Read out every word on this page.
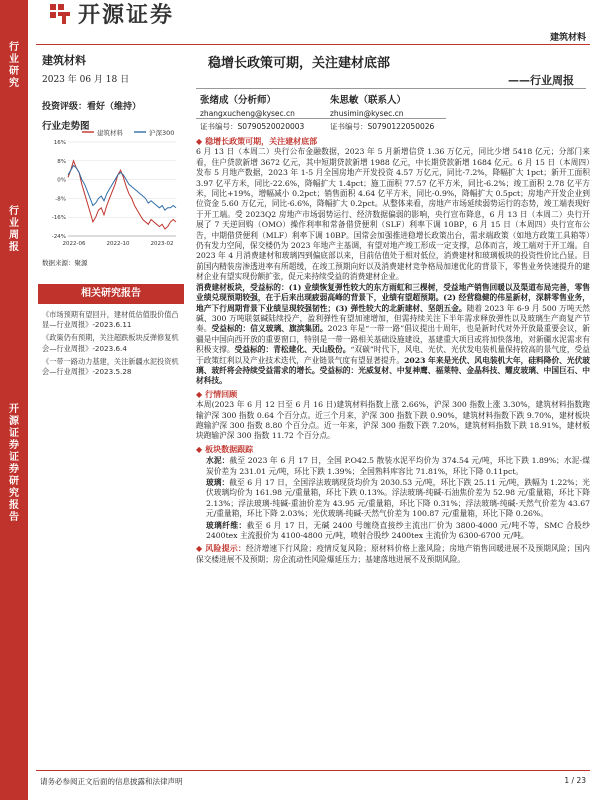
行业研究
行业周报
开源证券 证券研究报告
开源证券
建筑材料
建筑材料
2023 年 06 月 18 日
投资评级：看好（维持）
行业走势图
建筑材料	沪深300
16%
8%
0%
-8%
-16%
-24%
2022-06	2022-10	2023-02
数据来源：聚源
相关研究报告
《市场预期有望回升，建材低估值股价值凸显—行业周报》-2023.6.11
《政策仍有预期，关注超跌板块反弹修复机会—行业周报》-2023.6.4
《一带一路动力基建，关注新疆水泥投资机会—行业周报》-2023.5.28
稳增长政策可期，关注建材底部
——行业周报
张绪成（分析师）
zhangxucheng@kysec.cn
朱思敏（联系人）
zhusimin@kysec.cn
证书编号：S0790520020003	证书编号：S0790122050026
◆ 稳增长政策可期，关注建材底部
6 月 13 日（本周二）央行公布金融数据，2023 年 5 月新增信贷 1.36 万亿元，同比少增 5418 亿元；分部门来看，住户贷款新增 3672 亿元，其中短期贷款新增 1988 亿元，中长期贷款新增 1684 亿元。6 月 15 日（本周四）发布 5 月地产数据，2023 年 1-5 月全国房地产开发投资 4.57 万亿元，同比-7.2%，降幅扩大 1pct；新开工面积 3.97 亿平方米，同比-22.6%，降幅扩大 1.4pct；施工面积 77.57 亿平方米，同比-6.2%；竣工面积 2.78 亿平方米，同比+19%，增幅减小 0.2pct；销售面积 4.64 亿平方米，同比-0.9%，降幅扩大 0.5pct；房地产开发企业到位资金 5.60 万亿元，同比-6.6%，降幅扩大 0.2pct。从整体来看，房地产市场延续弱势运行的态势，竣工端表现好于开工端。受 2023Q2 房地产市场弱势运行、经济数据偏弱的影响，央行宣布降息，6 月 13 日（本周二）央行开展了 7 天逆回购（OMO）操作利率和常备借贷便利（SLF）利率下调 10BP，6 月 15 日（本周四）央行宣布公告，中期借贷便利（MLF）利率下调 10BP。国常会加强推进稳增长政策出台，需求端政策（如地方政策工具箱等）仍有发力空间，保交楼仍为 2023 年地产主基调，有望对地产竣工形成一定支撑，总体而言，竣工端对于开工端。自 2023 年 4 月消费建材和玻璃四到偏底部以来，目前估值处于相对低位，消费建材和玻璃板块的投资性价比凸显。目前国内精装房渗透进率有所超缓，在竣工预期向好以及消费建材竞争格局加速优化的背景下，零售业务快速提升的建材企业有望实现份额扩张，促元来持续受益的消费建材企业。
消费建材板块，受益标的：(1) 业绩恢复弹性较大的东方雨虹和三棵树，受益地产销售回暖以及渠道布局完善，零售业绩兑现预期较强，在于后来出现疲弱高峰的背景下，业绩有望超预期。(2) 经营稳健的伟星新材，深耕零售业务，地产下行周期背景下业绩呈现较强韧性；(3) 弹性较大的北新建材、坚朗五金。随着 2023 年 6-9 月 500 万吨天然碱、300 万吨联氨碱陆续投产，盈利弹性有望加速增加，但需持续关注下半年需求释放弹性以及玻璃生产商复产节奏。受益标的：信义玻璃、旗滨集团。2023 年是“一带一路”倡议提出十周年，也是新时代对外开放最重要会议，新疆是中国向西开放的重要窗口，特别是一带一路相关基础设施建设，基建重大项目或将加快落地，对新疆水泥需求有积极支撑。受益标的：青松建化、天山股份。“双碳”时代下，风电、光伏、光伏发电装机量保持较高的景气度，受益于政策红利以及产业技术迭代，产业链景气度有望显著提升。2023 年来是光伏、风电装机大年，硅料降价、光伏玻璃、玻纤将会持续受益需求的增长。受益标的：光威复材、中复神鹰、福莱特、金晶科技、耀皮玻璃、中国巨石、中材科技。
◆ 行情回顾
本周(2023 年 6 月 12 日至 6 月 16 日)建筑材料指数上涨 2.66%，沪深 300 指数上涨 3.30%，建筑材料指数跑输沪深 300 指数 0.64 个百分点。近三个月来，沪深 300 指数下跌 0.90%，建筑材料指数下跌 9.70%，建材板块跑输沪深 300 指数 8.80 个百分点。近一年来，沪深 300 指数下跌 7.20%，建筑材料指数下跌 18.91%，建材板块跑输沪深 300 指数 11.72 个百分点。
◆ 板块数据跟踪
水泥：截至 2023 年 6 月 17 日，全国 P.O42.5 散装水泥平均价为 374.54 元/吨，环比下跌 1.89%；水泥-煤炭价差为 231.01 元/吨，环比下跌 1.39%；全国熟料库容比 71.81%，环比下降 0.11pct。
玻璃：截至 6 月 17 日，全国浮法玻璃现货均价为 2030.53 元/吨，环比下跌 25.11 元/吨，跌幅为 1.22%；光伏玻璃均价为 161.98 元/重量箱，环比下跌 0.13%。浮法玻璃-纯碱-石油焦价差为 52.98 元/重量箱，环比下降 2.13%；浮法玻璃-纯碱-重油价差为 43.95 元/重量箱，环比下降 0.31%；浮法玻璃-纯碱-天然气价差为 43.67 元/重量箱，环比下降 2.03%；光伏玻璃-纯碱-天然气价差为 100.87 元/重量箱，环比下降 0.26%。
玻璃纤维：截至 6 月 17 日，无碱 2400 号缠绕直接纱主流出厂价为 3800-4000 元/吨不等，SMC 合股纱 2400tex 主流报价为 4100-4800 元/吨，喷射合股纱 2400tex 主流价为 6300-6700 元/吨。
◆ 风险提示：经济增速下行风险；疫情反复风险；原材料价格上涨风险；房地产销售回暖进展不及预期风险；国内保交楼进展不及预期；房企流动性风险爆延压力；基建落地进展不及预期风险。
请务必参阅正文后面的信息披露和法律声明	1 / 23
